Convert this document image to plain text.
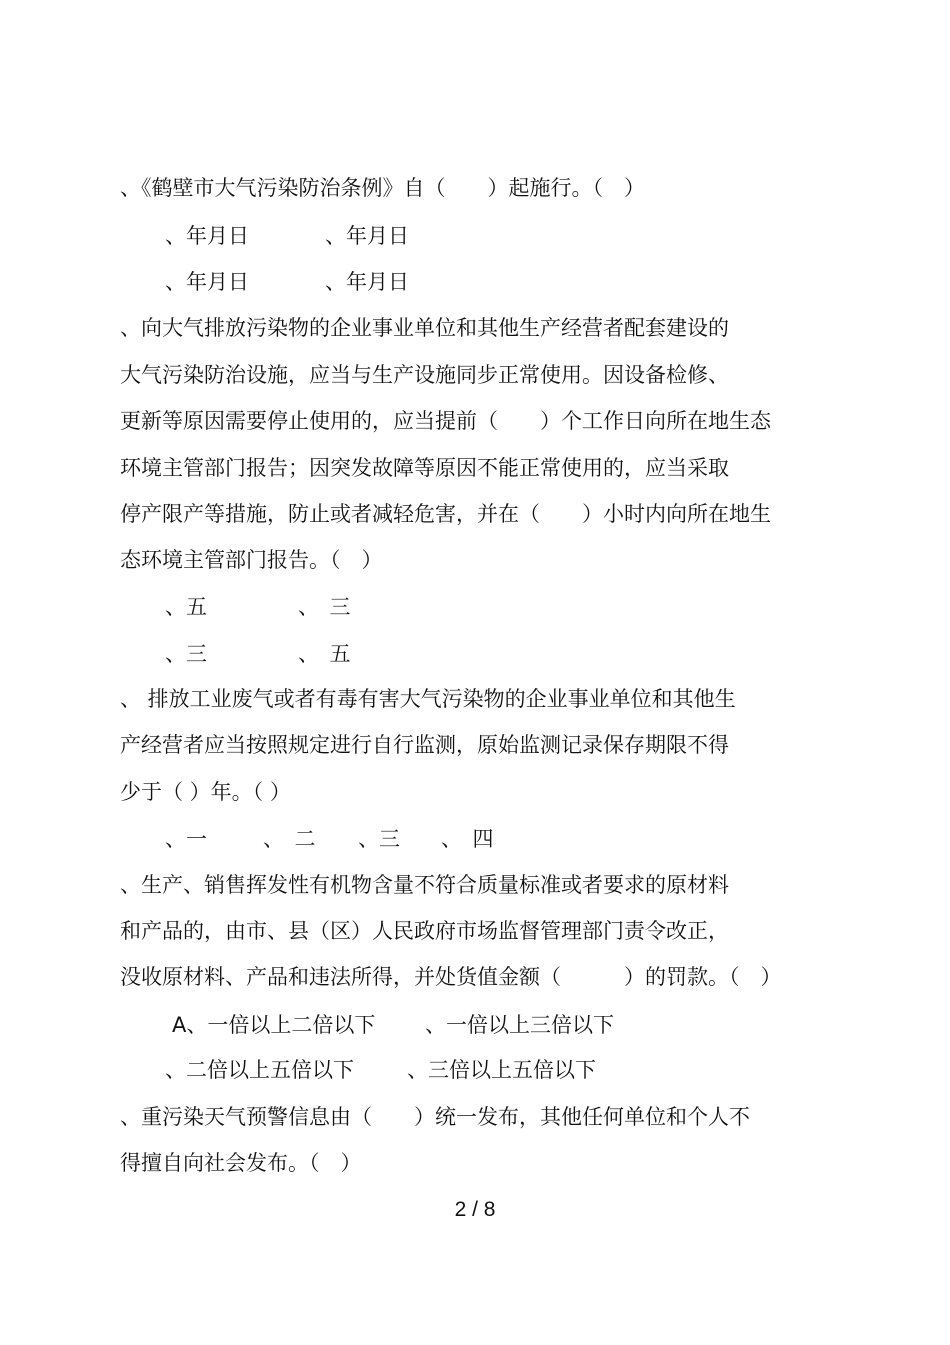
、《鹤壁市大气污染防治条例》自（　　）起施行。（　）
、年月日	、年月日
、年月日	、年月日
、向大气排放污染物的企业事业单位和其他生产经营者配套建设的
大气污染防治设施，应当与生产设施同步正常使用。因设备检修、
更新等原因需要停止使用的，应当提前（　　）个工作日向所在地生态
环境主管部门报告；因突发故障等原因不能正常使用的，应当采取
停产限产等措施，防止或者减轻危害，并在（　　）小时内向所在地生
态环境主管部门报告。（　）
、五	、　三
、三	、　五
、 排放工业废气或者有毒有害大气污染物的企业事业单位和其他生
产经营者应当按照规定进行自行监测，原始监测记录保存期限不得
少于（ ）年。（ ）
、一	、　二 、三 、　四
、生产、销售挥发性有机物含量不符合质量标准或者要求的原材料
和产品的，由市、县（区）人民政府市场监督管理部门责令改正，
没收原材料、产品和违法所得，并处货值金额（　　　）的罚款。（　）
A、一倍以上二倍以下 、一倍以上三倍以下
、二倍以上五倍以下	、三倍以上五倍以下
、重污染天气预警信息由（　　）统一发布，其他任何单位和个人不
得擅自向社会发布。（　）
2 / 8
